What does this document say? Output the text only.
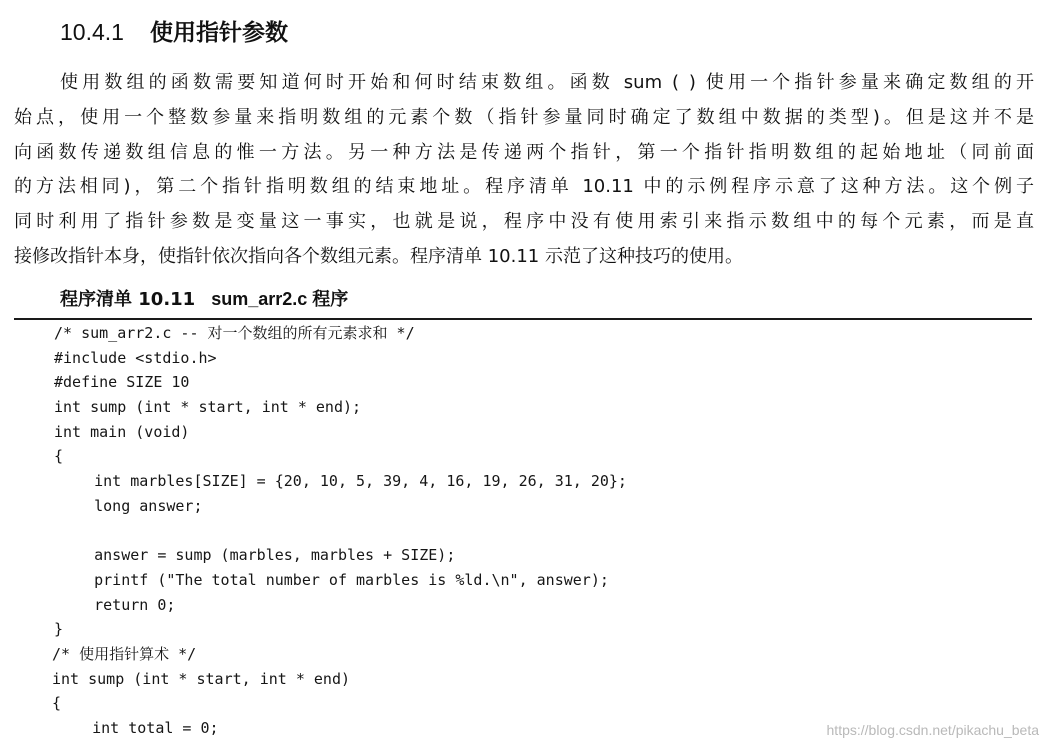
10.4.1 使用指针参数
使用数组的函数需要知道何时开始和何时结束数组。函数 sum ( ) 使用一个指针参量来确定数组的开
始点，使用一个整数参量来指明数组的元素个数（指针参量同时确定了数组中数据的类型)。但是这并不是
向函数传递数组信息的惟一方法。另一种方法是传递两个指针，第一个指针指明数组的起始地址（同前面
的方法相同)，第二个指针指明数组的结束地址。程序清单 10.11 中的示例程序示意了这种方法。这个例子
同时利用了指针参数是变量这一事实，也就是说，程序中没有使用索引来指示数组中的每个元素，而是直
接修改指针本身，使指针依次指向各个数组元素。程序清单 10.11 示范了这种技巧的使用。
程序清单 10.11 sum_arr2.c 程序
/* sum_arr2.c -- 对一个数组的所有元素求和 */
#include <stdio.h>
#define SIZE 10
int sump (int * start, int * end);
int main (void)
{
int marbles[SIZE] = {20, 10, 5, 39, 4, 16, 19, 26, 31, 20};
long answer;
answer = sump (marbles, marbles + SIZE);
printf ("The total number of marbles is %ld.\n", answer);
return 0;
}
/* 使用指针算术 */
int sump (int * start, int * end)
{
int total = 0;	https://blog.csdn.net/pikachu_beta
